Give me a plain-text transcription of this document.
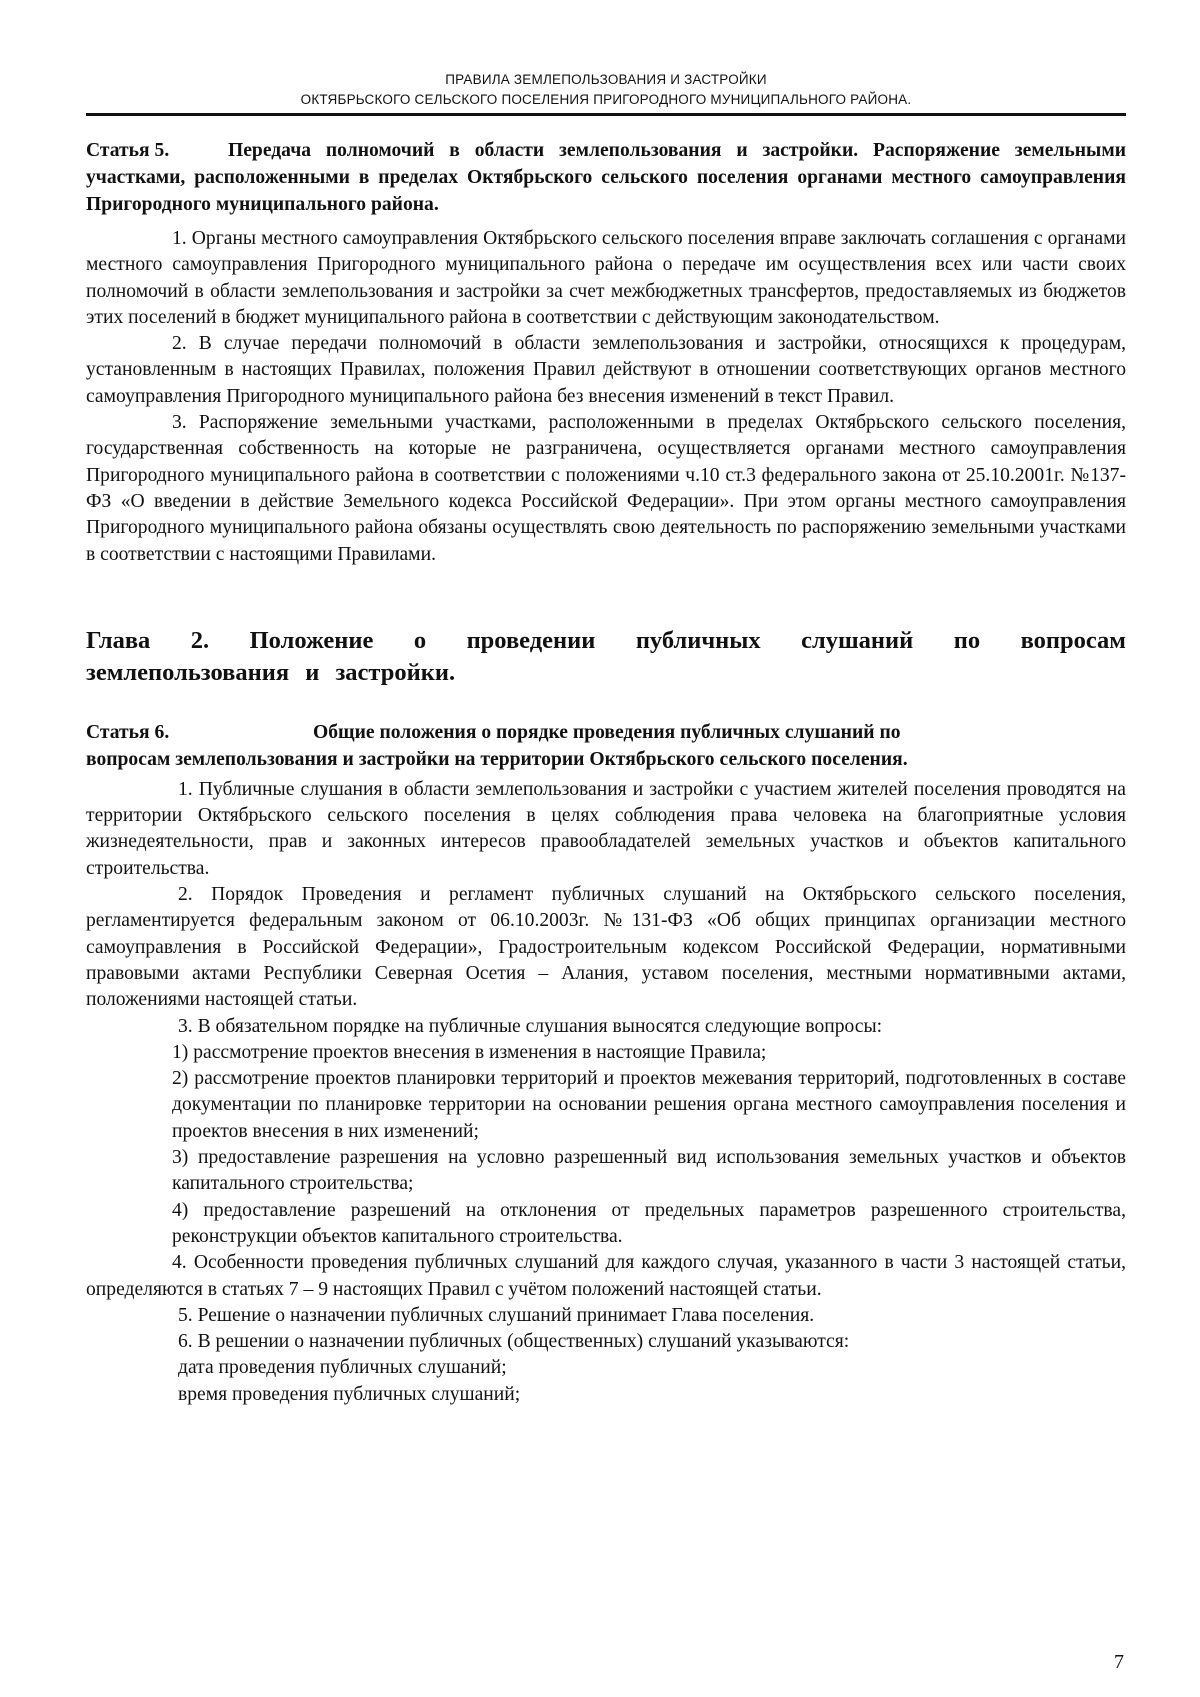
ПРАВИЛА ЗЕМЛЕПОЛЬЗОВАНИЯ И ЗАСТРОЙКИ
ОКТЯБРЬСКОГО СЕЛЬСКОГО ПОСЕЛЕНИЯ ПРИГОРОДНОГО МУНИЦИПАЛЬНОГО РАЙОНА.
Статья 5.	Передача полномочий в области землепользования и застройки. Распоряжение земельными участками, расположенными в пределах Октябрьского сельского поселения органами местного самоуправления Пригородного муниципального района.

1. Органы местного самоуправления Октябрьского сельского поселения вправе заключать соглашения с органами местного самоуправления Пригородного муниципального района о передаче им осуществления всех или части своих полномочий в области землепользования и застройки за счет межбюджетных трансфертов, предоставляемых из бюджетов этих поселений в бюджет муниципального района в соответствии с действующим законодательством.

2. В случае передачи полномочий в области землепользования и застройки, относящихся к процедурам, установленным в настоящих Правилах, положения Правил действуют в отношении соответствующих органов местного самоуправления Пригородного муниципального района без внесения изменений в текст Правил.

3. Распоряжение земельными участками, расположенными в пределах Октябрьского сельского поселения, государственная собственность на которые не разграничена, осуществляется органами местного самоуправления Пригородного муниципального района в соответствии с положениями ч.10 ст.3 федерального закона от 25.10.2001г. №137-ФЗ «О введении в действие Земельного кодекса Российской Федерации». При этом органы местного самоуправления Пригородного муниципального района обязаны осуществлять свою деятельность по распоряжению земельными участками в соответствии с настоящими Правилами.

Глава 2. Положение о проведении публичных слушаний по вопросам
землепользования и застройки.
Статья 6.	Общие положения о порядке проведения публичных слушаний по
вопросам землепользования и застройки на территории Октябрьского сельского поселения.

1. Публичные слушания в области землепользования и застройки с участием жителей поселения проводятся на территории Октябрьского сельского поселения в целях соблюдения права человека на благоприятные условия жизнедеятельности, прав и законных интересов правообладателей земельных участков и объектов капитального строительства.

2. Порядок Проведения и регламент публичных слушаний на Октябрьского сельского поселения, регламентируется федеральным законом от 06.10.2003г. №131-ФЗ «Об общих принципах организации местного самоуправления в Российской Федерации», Градостроительным кодексом Российской Федерации, нормативными правовыми актами Республики Северная Осетия – Алания, уставом поселения, местными нормативными актами, положениями настоящей статьи.

3. В обязательном порядке на публичные слушания выносятся следующие вопросы:

1) рассмотрение проектов внесения в изменения в настоящие Правила;

2) рассмотрение проектов планировки территорий и проектов межевания территорий, подготовленных в составе документации по планировке территории на основании решения органа местного самоуправления поселения и проектов внесения в них изменений;

3) предоставление разрешения на условно разрешенный вид использования земельных участков и объектов капитального строительства;

4) предоставление разрешений на отклонения от предельных параметров разрешенного строительства, реконструкции объектов капитального строительства.

4. Особенности проведения публичных слушаний для каждого случая, указанного в части 3 настоящей статьи, определяются в статьях 7 – 9 настоящих Правил с учётом положений настоящей статьи.

5. Решение о назначении публичных слушаний принимает Глава поселения.

6. В решении о назначении публичных (общественных) слушаний указываются:

дата проведения публичных слушаний;

время проведения публичных слушаний;

7
